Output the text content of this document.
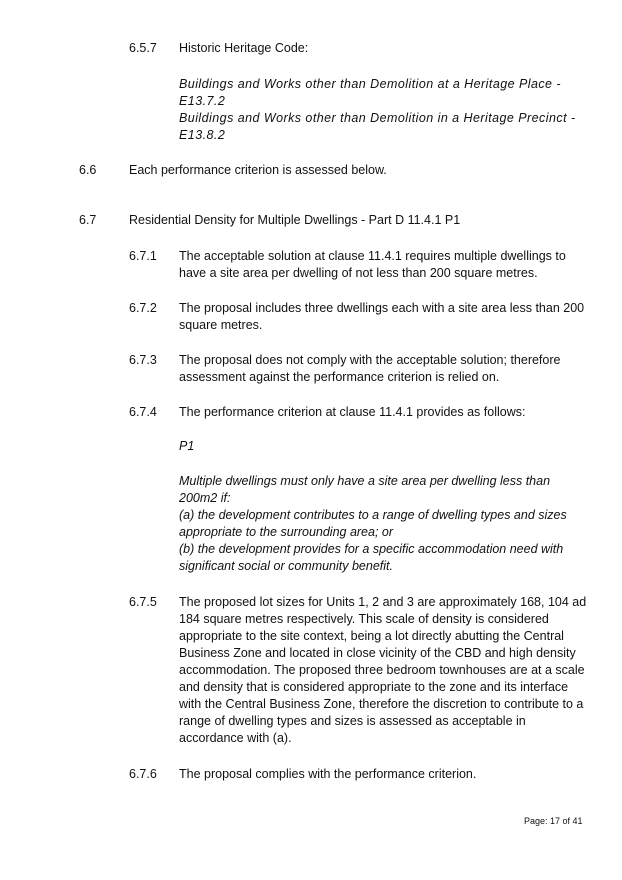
6.5.7 Historic Heritage Code:

Buildings and Works other than Demolition at a Heritage Place -

E13.7.2

Buildings and Works other than Demolition in a Heritage Precinct -

E13.8.2

6.6	Each performance criterion is assessed below.

6.7	Residential Density for Multiple Dwellings - Part D 11.4.1 P1

6.7.1 The acceptable solution at clause 11.4.1 requires multiple dwellings to

have a site area per dwelling of not less than 200 square metres.

6.7.2 The proposal includes three dwellings each with a site area less than 200

square metres.

6.7.3 The proposal does not comply with the acceptable solution; therefore

assessment against the performance criterion is relied on.

6.7.4 The performance criterion at clause 11.4.1 provides as follows:

P1

Multiple dwellings must only have a site area per dwelling less than

200m2 if:

(a) the development contributes to a range of dwelling types and sizes

appropriate to the surrounding area; or

(b) the development provides for a specific accommodation need with

significant social or community benefit.

6.7.5 The proposed lot sizes for Units 1, 2 and 3 are approximately 168, 104 ad

184 square metres respectively. This scale of density is considered

appropriate to the site context, being a lot directly abutting the Central

Business Zone and located in close vicinity of the CBD and high density

accommodation. The proposed three bedroom townhouses are at a scale

and density that is considered appropriate to the zone and its interface

with the Central Business Zone, therefore the discretion to contribute to a

range of dwelling types and sizes is assessed as acceptable in

accordance with (a).

6.7.6 The proposal complies with the performance criterion.

Page: 17 of 41
